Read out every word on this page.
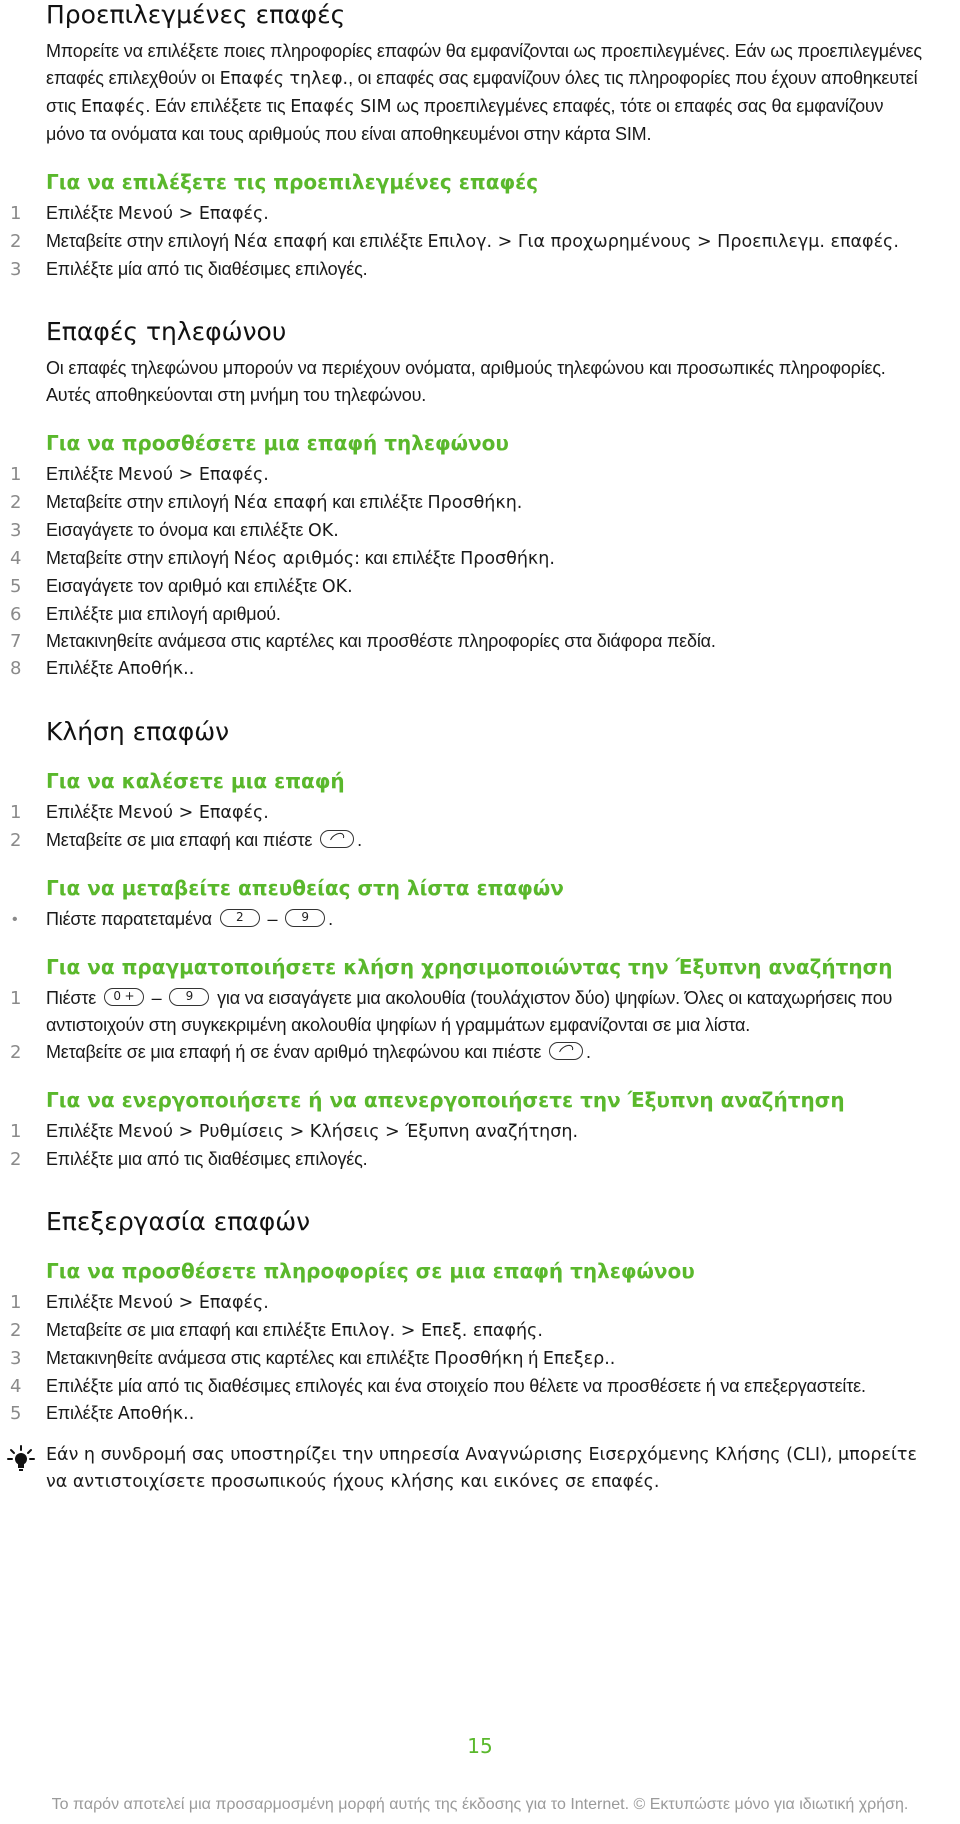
Προεπιλεγμένες επαφές

Μπορείτε να επιλέξετε ποιες πληροφορίες επαφών θα εμφανίζονται ως προεπιλεγμένες. Εάν ως προεπιλεγμένες επαφές επιλεχθούν οι Επαφές τηλεφ., οι επαφές σας εμφανίζουν όλες τις πληροφορίες που έχουν αποθηκευτεί στις Επαφές. Εάν επιλέξετε τις Επαφές SIM ως προεπιλεγμένες επαφές, τότε οι επαφές σας θα εμφανίζουν μόνο τα ονόματα και τους αριθμούς που είναι αποθηκευμένοι στην κάρτα SIM.

Για να επιλέξετε τις προεπιλεγμένες επαφές
1	Επιλέξτε Μενού > Επαφές.
2	Μεταβείτε στην επιλογή Νέα επαφή και επιλέξτε Επιλογ. > Για προχωρημένους > Προεπιλεγμ. επαφές.
3	Επιλέξτε μία από τις διαθέσιμες επιλογές.
Επαφές τηλεφώνου

Οι επαφές τηλεφώνου μπορούν να περιέχουν ονόματα, αριθμούς τηλεφώνου και προσωπικές πληροφορίες. Αυτές αποθηκεύονται στη μνήμη του τηλεφώνου.

Για να προσθέσετε μια επαφή τηλεφώνου
1	Επιλέξτε Μενού > Επαφές.
2	Μεταβείτε στην επιλογή Νέα επαφή και επιλέξτε Προσθήκη.
3	Εισαγάγετε το όνομα και επιλέξτε OK.
4	Μεταβείτε στην επιλογή Νέος αριθμός: και επιλέξτε Προσθήκη.
5	Εισαγάγετε τον αριθμό και επιλέξτε OK.
6	Επιλέξτε μια επιλογή αριθμού.
7	Μετακινηθείτε ανάμεσα στις καρτέλες και προσθέστε πληροφορίες στα διάφορα πεδία.
8	Επιλέξτε Αποθήκ..
Κλήση επαφών
Για να καλέσετε μια επαφή
1	Επιλέξτε Μενού > Επαφές.
2	Μεταβείτε σε μια επαφή και πιέστε
.
Για να μεταβείτε απευθείας στη λίστα επαφών
• Πιέστε παρατεταμένα 2 – 9 .
Για να πραγματοποιήσετε κλήση χρησιμοποιώντας την Έξυπνη αναζήτηση
1	Πιέστε 0 + – 9 για να εισαγάγετε μια ακολουθία (τουλάχιστον δύο) ψηφίων. Όλες οι καταχωρήσεις που αντιστοιχούν στη συγκεκριμένη ακολουθία ψηφίων ή γραμμάτων εμφανίζονται σε μια λίστα.
2	Μεταβείτε σε μια επαφή ή σε έναν αριθμό τηλεφώνου και πιέστε
.
Για να ενεργοποιήσετε ή να απενεργοποιήσετε την Έξυπνη αναζήτηση
1	Επιλέξτε Μενού > Ρυθμίσεις > Κλήσεις > Έξυπνη αναζήτηση.
2	Επιλέξτε μια από τις διαθέσιμες επιλογές.
Επεξεργασία επαφών
Για να προσθέσετε πληροφορίες σε μια επαφή τηλεφώνου
1	Επιλέξτε Μενού > Επαφές.
2	Μεταβείτε σε μια επαφή και επιλέξτε Επιλογ. > Επεξ. επαφής.
3	Μετακινηθείτε ανάμεσα στις καρτέλες και επιλέξτε Προσθήκη ή Επεξερ..
4	Επιλέξτε μία από τις διαθέσιμες επιλογές και ένα στοιχείο που θέλετε να προσθέσετε ή να επεξεργαστείτε.
5	Επιλέξτε Αποθήκ..

Εάν η συνδρομή σας υποστηρίζει την υπηρεσία Αναγνώρισης Εισερχόμενης Κλήσης (CLI), μπορείτε να αντιστοιχίσετε προσωπικούς ήχους κλήσης και εικόνες σε επαφές.

15
Το παρόν αποτελεί μια προσαρμοσμένη μορφή αυτής της έκδοσης για το Internet. © Εκτυπώστε μόνο για ιδιωτική χρήση.
